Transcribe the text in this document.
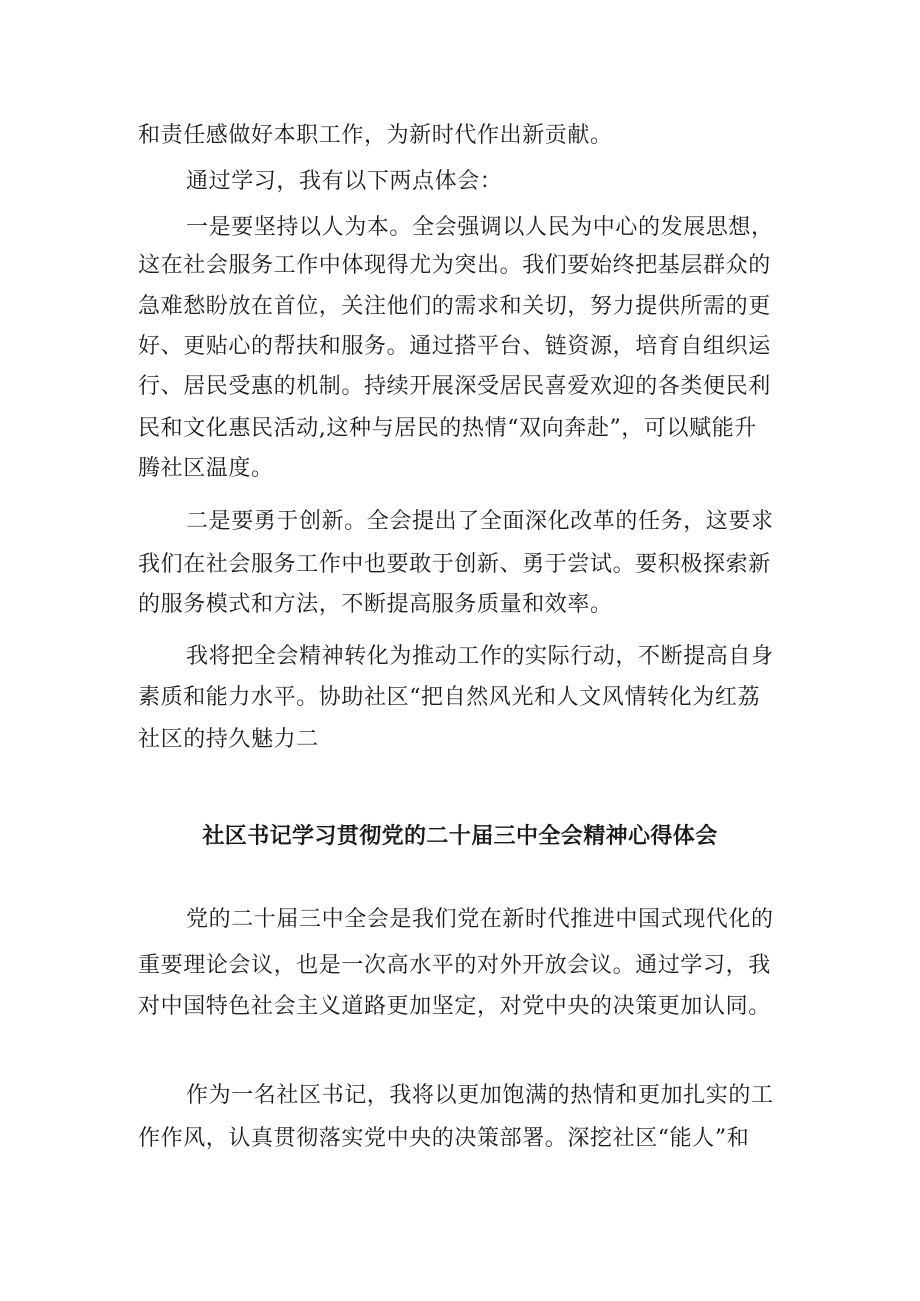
和责任感做好本职工作，为新时代作出新贡献。
通过学习，我有以下两点体会：
一是要坚持以人为本。全会强调以人民为中心的发展思想，
这在社会服务工作中体现得尤为突出。我们要始终把基层群众的
急难愁盼放在首位，关注他们的需求和关切，努力提供所需的更
好、更贴心的帮扶和服务。通过搭平台、链资源，培育自组织运
行、居民受惠的机制。持续开展深受居民喜爱欢迎的各类便民利
民和文化惠民活动,这种与居民的热情“双向奔赴”，可以赋能升
腾社区温度。
二是要勇于创新。全会提出了全面深化改革的任务，这要求
我们在社会服务工作中也要敢于创新、勇于尝试。要积极探索新
的服务模式和方法，不断提高服务质量和效率。
我将把全会精神转化为推动工作的实际行动，不断提高自身
素质和能力水平。协助社区“把自然风光和人文风情转化为红荔
社区的持久魅力二
社区书记学习贯彻党的二十届三中全会精神心得体会
党的二十届三中全会是我们党在新时代推进中国式现代化的
重要理论会议，也是一次高水平的对外开放会议。通过学习，我
对中国特色社会主义道路更加坚定，对党中央的决策更加认同。
作为一名社区书记，我将以更加饱满的热情和更加扎实的工
作作风，认真贯彻落实党中央的决策部署。深挖社区“能人”和
